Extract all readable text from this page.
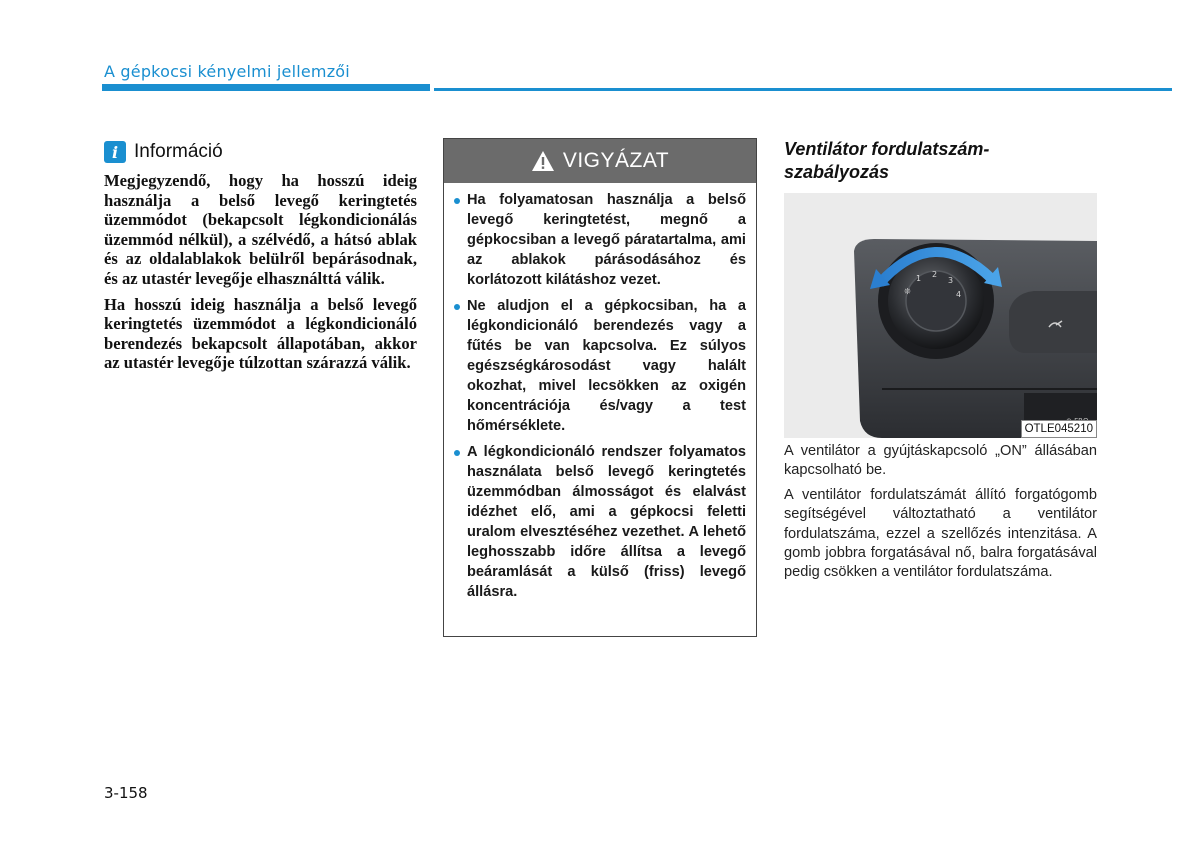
A gépkocsi kényelmi jellemzői
i Információ

Megjegyzendő, hogy ha hosszú ideig használja a belső levegő keringtetés üzemmódot (bekapcsolt légkondicionálás üzemmód nélkül), a szélvédő, a hátsó ablak és az oldalablakok belülről bepárásodnak, és az utastér levegője elhasználttá válik.

Ha hosszú ideig használja a belső levegő keringtetés üzemmódot a légkondicionáló berendezés bekapcsolt állapotában, akkor az utastér levegője túlzottan szárazzá válik.

VIGYÁZAT
Ha folyamatosan használja a belső levegő keringtetést, megnő a gépkocsiban a levegő páratartalma, ami az ablakok párásodásához és korlátozott kilátáshoz vezet.
Ne aludjon el a gépkocsiban, ha a légkondicionáló berendezés vagy a fűtés be van kapcsolva. Ez súlyos egészségkárosodást vagy halált okozhat, mivel lecsökken az oxigén koncentrációja és/vagy a test hőmérséklete.
A légkondicionáló rendszer folyamatos használata belső levegő keringtetés üzemmódban álmosságot és elalvást idézhet elő, ami a gépkocsi feletti uralom elvesztéséhez vezethet. A lehető leghosszabb időre állítsa a levegő beáramlását a külső (friss) levegő állásra.
Ventilátor fordulatszám-
szabályozás
❊
1 2
3
4
OTLE045210

A ventilátor a gyújtáskapcsoló „ON” állásában kapcsolható be.

A ventilátor fordulatszámát állító forgatógomb segítségével változtatható a ventilátor fordulatszáma, ezzel a szellőzés intenzitása. A gomb jobbra forgatásával nő, balra forgatásával pedig csökken a ventilátor fordulatszáma.

3-158
